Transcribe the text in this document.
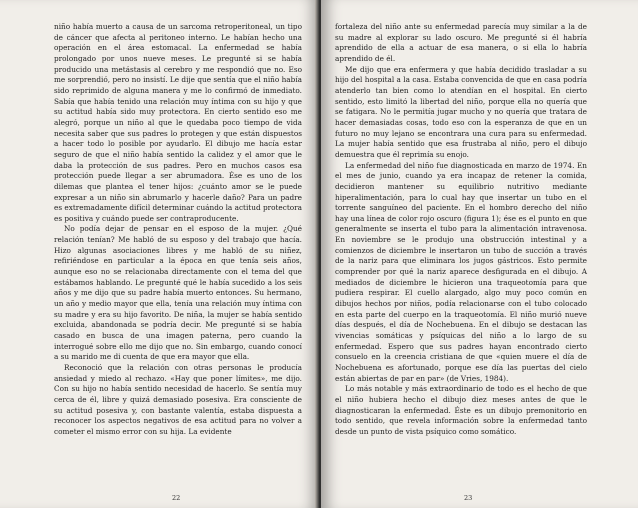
niño había muerto a causa de un sarcoma retroperitoneal, un tipo de cáncer que afecta al peritoneo interno. Le habían hecho una operación en el área estomacal. La enfermedad se había prolongado por unos nueve meses. Le pregunté si se había producido una metástasis al cerebro y me respondió que no. Eso me sorprendió, pero no insistí. Le dije que sentía que el niño había sido reprimido de alguna manera y me lo confirmó de inmediato. Sabía que había tenido una relación muy íntima con su hijo y que su actitud había sido muy protectora. En cierto sentido eso me alegró, porque un niño al que le quedaba poco tiempo de vida necesita saber que sus padres lo protegen y que están dispuestos a hacer todo lo posible por ayudarlo. El dibujo me hacía estar seguro de que el niño había sentido la calidez y el amor que le daba la protección de sus padres. Pero en muchos casos esa protección puede llegar a ser abrumadora. Ése es uno de los dilemas que plantea el tener hijos: ¿cuánto amor se le puede expresar a un niño sin abrumarlo y hacerle daño? Para un padre es extremadamente difícil determinar cuándo la actitud protectora es positiva y cuándo puede ser contraproducente.

No podía dejar de pensar en el esposo de la mujer. ¿Qué relación tenían? Me habló de su esposo y del trabajo que hacía. Hizo algunas asociaciones libres y me habló de su niñez, refiriéndose en particular a la época en que tenía seis años, aunque eso no se relacionaba directamente con el tema del que estábamos hablando. Le pregunté qué le había sucedido a los seis años y me dijo que su padre había muerto entonces. Su hermano, un año y medio mayor que ella, tenía una relación muy íntima con su madre y era su hijo favorito. De niña, la mujer se había sentido excluida, abandonada se podría decir. Me pregunté si se había casado en busca de una imagen paterna, pero cuando la interrogué sobre ello me dijo que no. Sin embargo, cuando conocí a su marido me di cuenta de que era mayor que ella.

Reconoció que la relación con otras personas le producía ansiedad y miedo al rechazo. «Hay que poner límites», me dijo. Con su hijo no había sentido necesidad de hacerlo. Se sentía muy cerca de él, libre y quizá demasiado posesiva. Era consciente de su actitud posesiva y, con bastante valentía, estaba dispuesta a reconocer los aspectos negativos de esa actitud para no volver a cometer el mismo error con su hija. La evidente

22

fortaleza del niño ante su enfermedad parecía muy similar a la de su madre al explorar su lado oscuro. Me pregunté si él habría aprendido de ella a actuar de esa manera, o si ella lo habría aprendido de él.

Me dijo que era enfermera y que había decidido trasladar a su hijo del hospital a la casa. Estaba convencida de que en casa podría atenderlo tan bien como lo atendían en el hospital. En cierto sentido, esto limitó la libertad del niño, porque ella no quería que se fatigara. No le permitía jugar mucho y no quería que tratara de hacer demasiadas cosas, todo eso con la esperanza de que en un futuro no muy lejano se encontrara una cura para su enfermedad. La mujer había sentido que esa frustraba al niño, pero el dibujo demuestra que él reprimía su enojo.

La enfermedad del niño fue diagnosticada en marzo de 1974. En el mes de junio, cuando ya era incapaz de retener la comida, decidieron mantener su equilibrio nutritivo mediante hiperalimentación, para lo cual hay que insertar un tubo en el torrente sanguíneo del paciente. En el hombro derecho del niño hay una línea de color rojo oscuro (figura 1); ése es el punto en que generalmente se inserta el tubo para la alimentación intravenosa. En noviembre se le produjo una obstrucción intestinal y a comienzos de diciembre le insertaron un tubo de succión a través de la nariz para que eliminara los jugos gástricos. Esto permite comprender por qué la nariz aparece desfigurada en el dibujo. A mediados de diciembre le hicieron una traqueotomía para que pudiera respirar. El cuello alargado, algo muy poco común en dibujos hechos por niños, podía relacionarse con el tubo colocado en esta parte del cuerpo en la traqueotomía. El niño murió nueve días después, el día de Nochebuena. En el dibujo se destacan las vivencias somáticas y psíquicas del niño a lo largo de su enfermedad. Espero que sus padres hayan encontrado cierto consuelo en la creencia cristiana de que «quien muere el día de Nochebuena es afortunado, porque ese día las puertas del cielo están abiertas de par en par» (de Vries, 1984).

Lo más notable y más extraordinario de todo es el hecho de que el niño hubiera hecho el dibujo diez meses antes de que le diagnosticaran la enfermedad. Éste es un dibujo premonitorio en todo sentido, que revela información sobre la enfermedad tanto desde un punto de vista psíquico como somático.

23
